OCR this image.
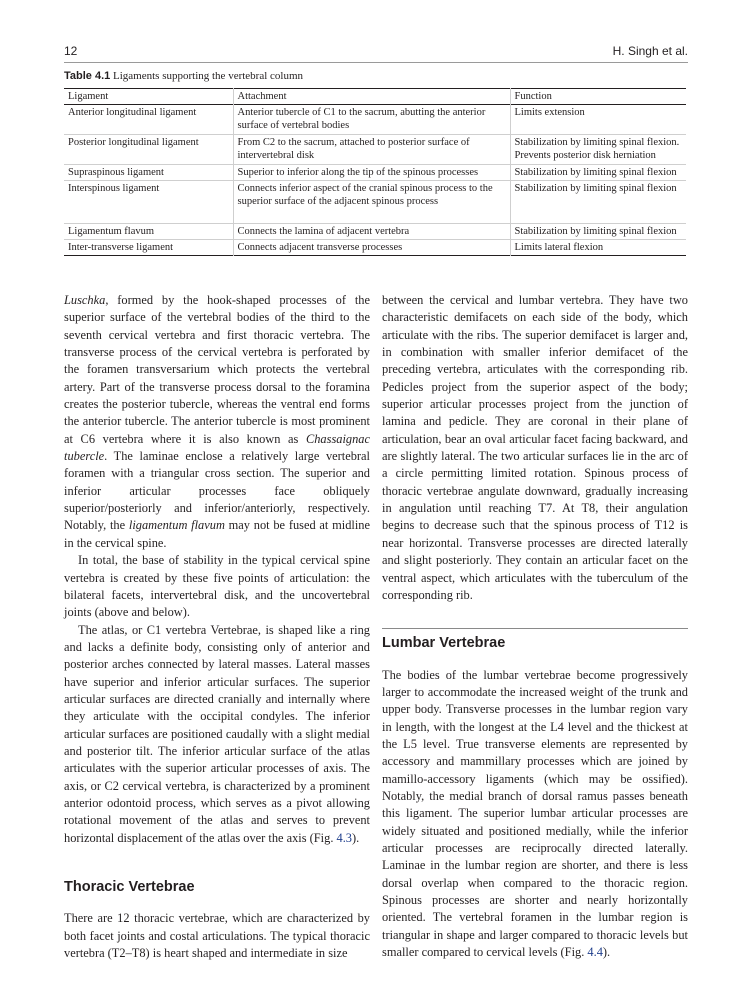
12	H. Singh et al.
Table 4.1 Ligaments supporting the vertebral column
Ligament	Attachment	Function
Anterior longitudinal ligament	Anterior tubercle of C1 to the sacrum, abutting the anterior surface of vertebral bodies	Limits extension
Posterior longitudinal ligament	From C2 to the sacrum, attached to posterior surface of intervertebral disk	Stabilization by limiting spinal flexion. Prevents posterior disk herniation
Supraspinous ligament	Superior to inferior along the tip of the spinous processes	Stabilization by limiting spinal flexion
Interspinous ligament	Connects inferior aspect of the cranial spinous process to the superior surface of the adjacent spinous process	Stabilization by limiting spinal flexion
Ligamentum flavum	Connects the lamina of adjacent vertebra	Stabilization by limiting spinal flexion
Inter-transverse ligament	Connects adjacent transverse processes	Limits lateral flexion

Luschka, formed by the hook-shaped processes of the superior surface of the vertebral bodies of the third to the seventh cervical vertebra and first thoracic vertebra. The transverse process of the cervical vertebra is perforated by the foramen transversarium which protects the vertebral artery. Part of the transverse process dorsal to the foramina creates the posterior tubercle, whereas the ventral end forms the anterior tubercle. The anterior tubercle is most prominent at C6 vertebra where it is also known as Chassaignac tubercle. The laminae enclose a relatively large vertebral foramen with a triangular cross section. The superior and inferior articular processes face obliquely superior/posteriorly and inferior/anteriorly, respectively. Notably, the ligamentum flavum may not be fused at midline in the cervical spine.

In total, the base of stability in the typical cervical spine vertebra is created by these five points of articulation: the bilateral facets, intervertebral disk, and the uncovertebral joints (above and below).

The atlas, or C1 vertebra Vertebrae, is shaped like a ring and lacks a definite body, consisting only of anterior and posterior arches connected by lateral masses. Lateral masses have superior and inferior articular surfaces. The superior articular surfaces are directed cranially and internally where they articulate with the occipital condyles. The inferior articular surfaces are positioned caudally with a slight medial and posterior tilt. The inferior articular surface of the atlas articulates with the superior articular processes of axis. The axis, or C2 cervical vertebra, is characterized by a prominent anterior odontoid process, which serves as a pivot allowing rotational movement of the atlas and serves to prevent horizontal displacement of the atlas over the axis (Fig. 4.3).

Thoracic Vertebrae

There are 12 thoracic vertebrae, which are characterized by both facet joints and costal articulations. The typical thoracic vertebra (T2–T8) is heart shaped and intermediate in size

between the cervical and lumbar vertebra. They have two characteristic demifacets on each side of the body, which articulate with the ribs. The superior demifacet is larger and, in combination with smaller inferior demifacet of the preceding vertebra, articulates with the corresponding rib. Pedicles project from the superior aspect of the body; superior articular processes project from the junction of lamina and pedicle. They are coronal in their plane of articulation, bear an oval articular facet facing backward, and are slightly lateral. The two articular surfaces lie in the arc of a circle permitting limited rotation. Spinous process of thoracic vertebrae angulate downward, gradually increasing in angulation until reaching T7. At T8, their angulation begins to decrease such that the spinous process of T12 is near horizontal. Transverse processes are directed laterally and slight posteriorly. They contain an articular facet on the ventral aspect, which articulates with the tuberculum of the corresponding rib.

Lumbar Vertebrae

The bodies of the lumbar vertebrae become progressively larger to accommodate the increased weight of the trunk and upper body. Transverse processes in the lumbar region vary in length, with the longest at the L4 level and the thickest at the L5 level. True transverse elements are represented by accessory and mammillary processes which are joined by mamillo-accessory ligaments (which may be ossified). Notably, the medial branch of dorsal ramus passes beneath this ligament. The superior lumbar articular processes are widely situated and positioned medially, while the inferior articular processes are reciprocally directed laterally. Laminae in the lumbar region are shorter, and there is less dorsal overlap when compared to the thoracic region. Spinous processes are shorter and nearly horizontally oriented. The vertebral foramen in the lumbar region is triangular in shape and larger compared to thoracic levels but smaller compared to cervical levels (Fig. 4.4).
